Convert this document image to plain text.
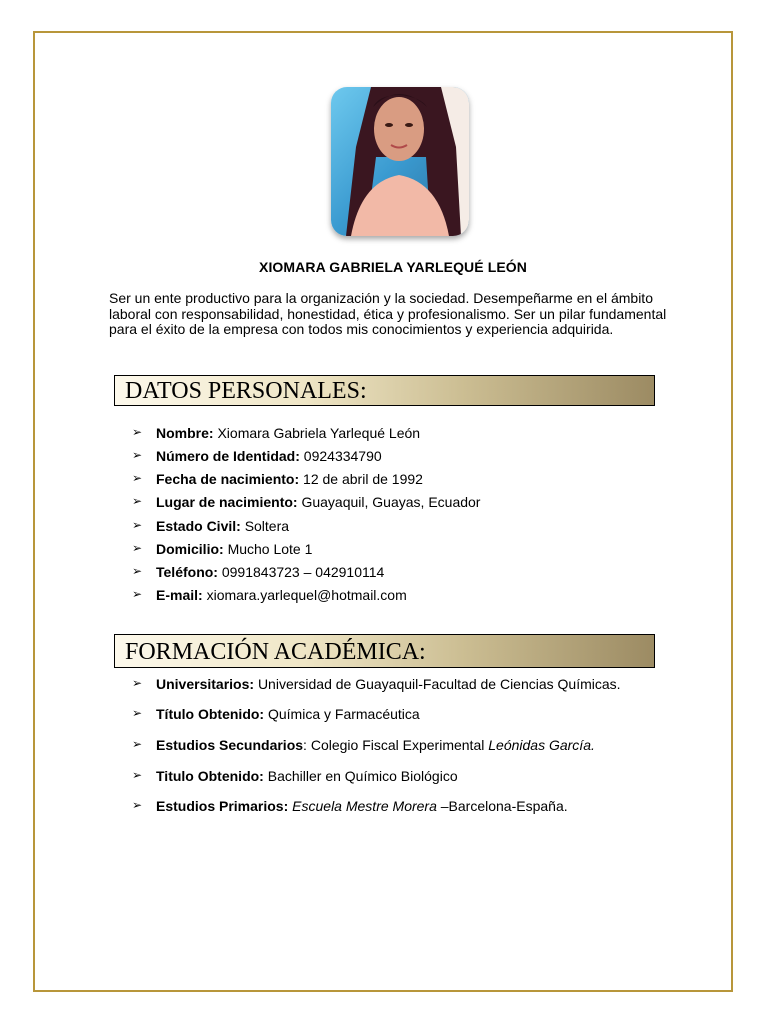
XIOMARA GABRIELA YARLEQUÉ LEÓN
Ser un ente productivo para la organización y la sociedad. Desempeñarme en el ámbito laboral con responsabilidad, honestidad, ética y profesionalismo. Ser un pilar fundamental para el éxito de la empresa con todos mis conocimientos y experiencia adquirida.
DATOS PERSONALES:
➢ Nombre: Xiomara Gabriela Yarlequé León
➢ Número de Identidad: 0924334790
➢ Fecha de nacimiento: 12 de abril de 1992
➢ Lugar de nacimiento: Guayaquil, Guayas, Ecuador
➢ Estado Civil: Soltera
➢ Domicilio: Mucho Lote 1
➢ Teléfono: 0991843723 – 042910114
➢ E-mail: xiomara.yarlequel@hotmail.com
FORMACIÓN ACADÉMICA:
➢ Universitarios: Universidad de Guayaquil-Facultad de Ciencias Químicas.
➢ Título Obtenido: Química y Farmacéutica
➢ Estudios Secundarios: Colegio Fiscal Experimental Leónidas García.
➢ Titulo Obtenido: Bachiller en Químico Biológico
➢ Estudios Primarios: Escuela Mestre Morera –Barcelona-España.
